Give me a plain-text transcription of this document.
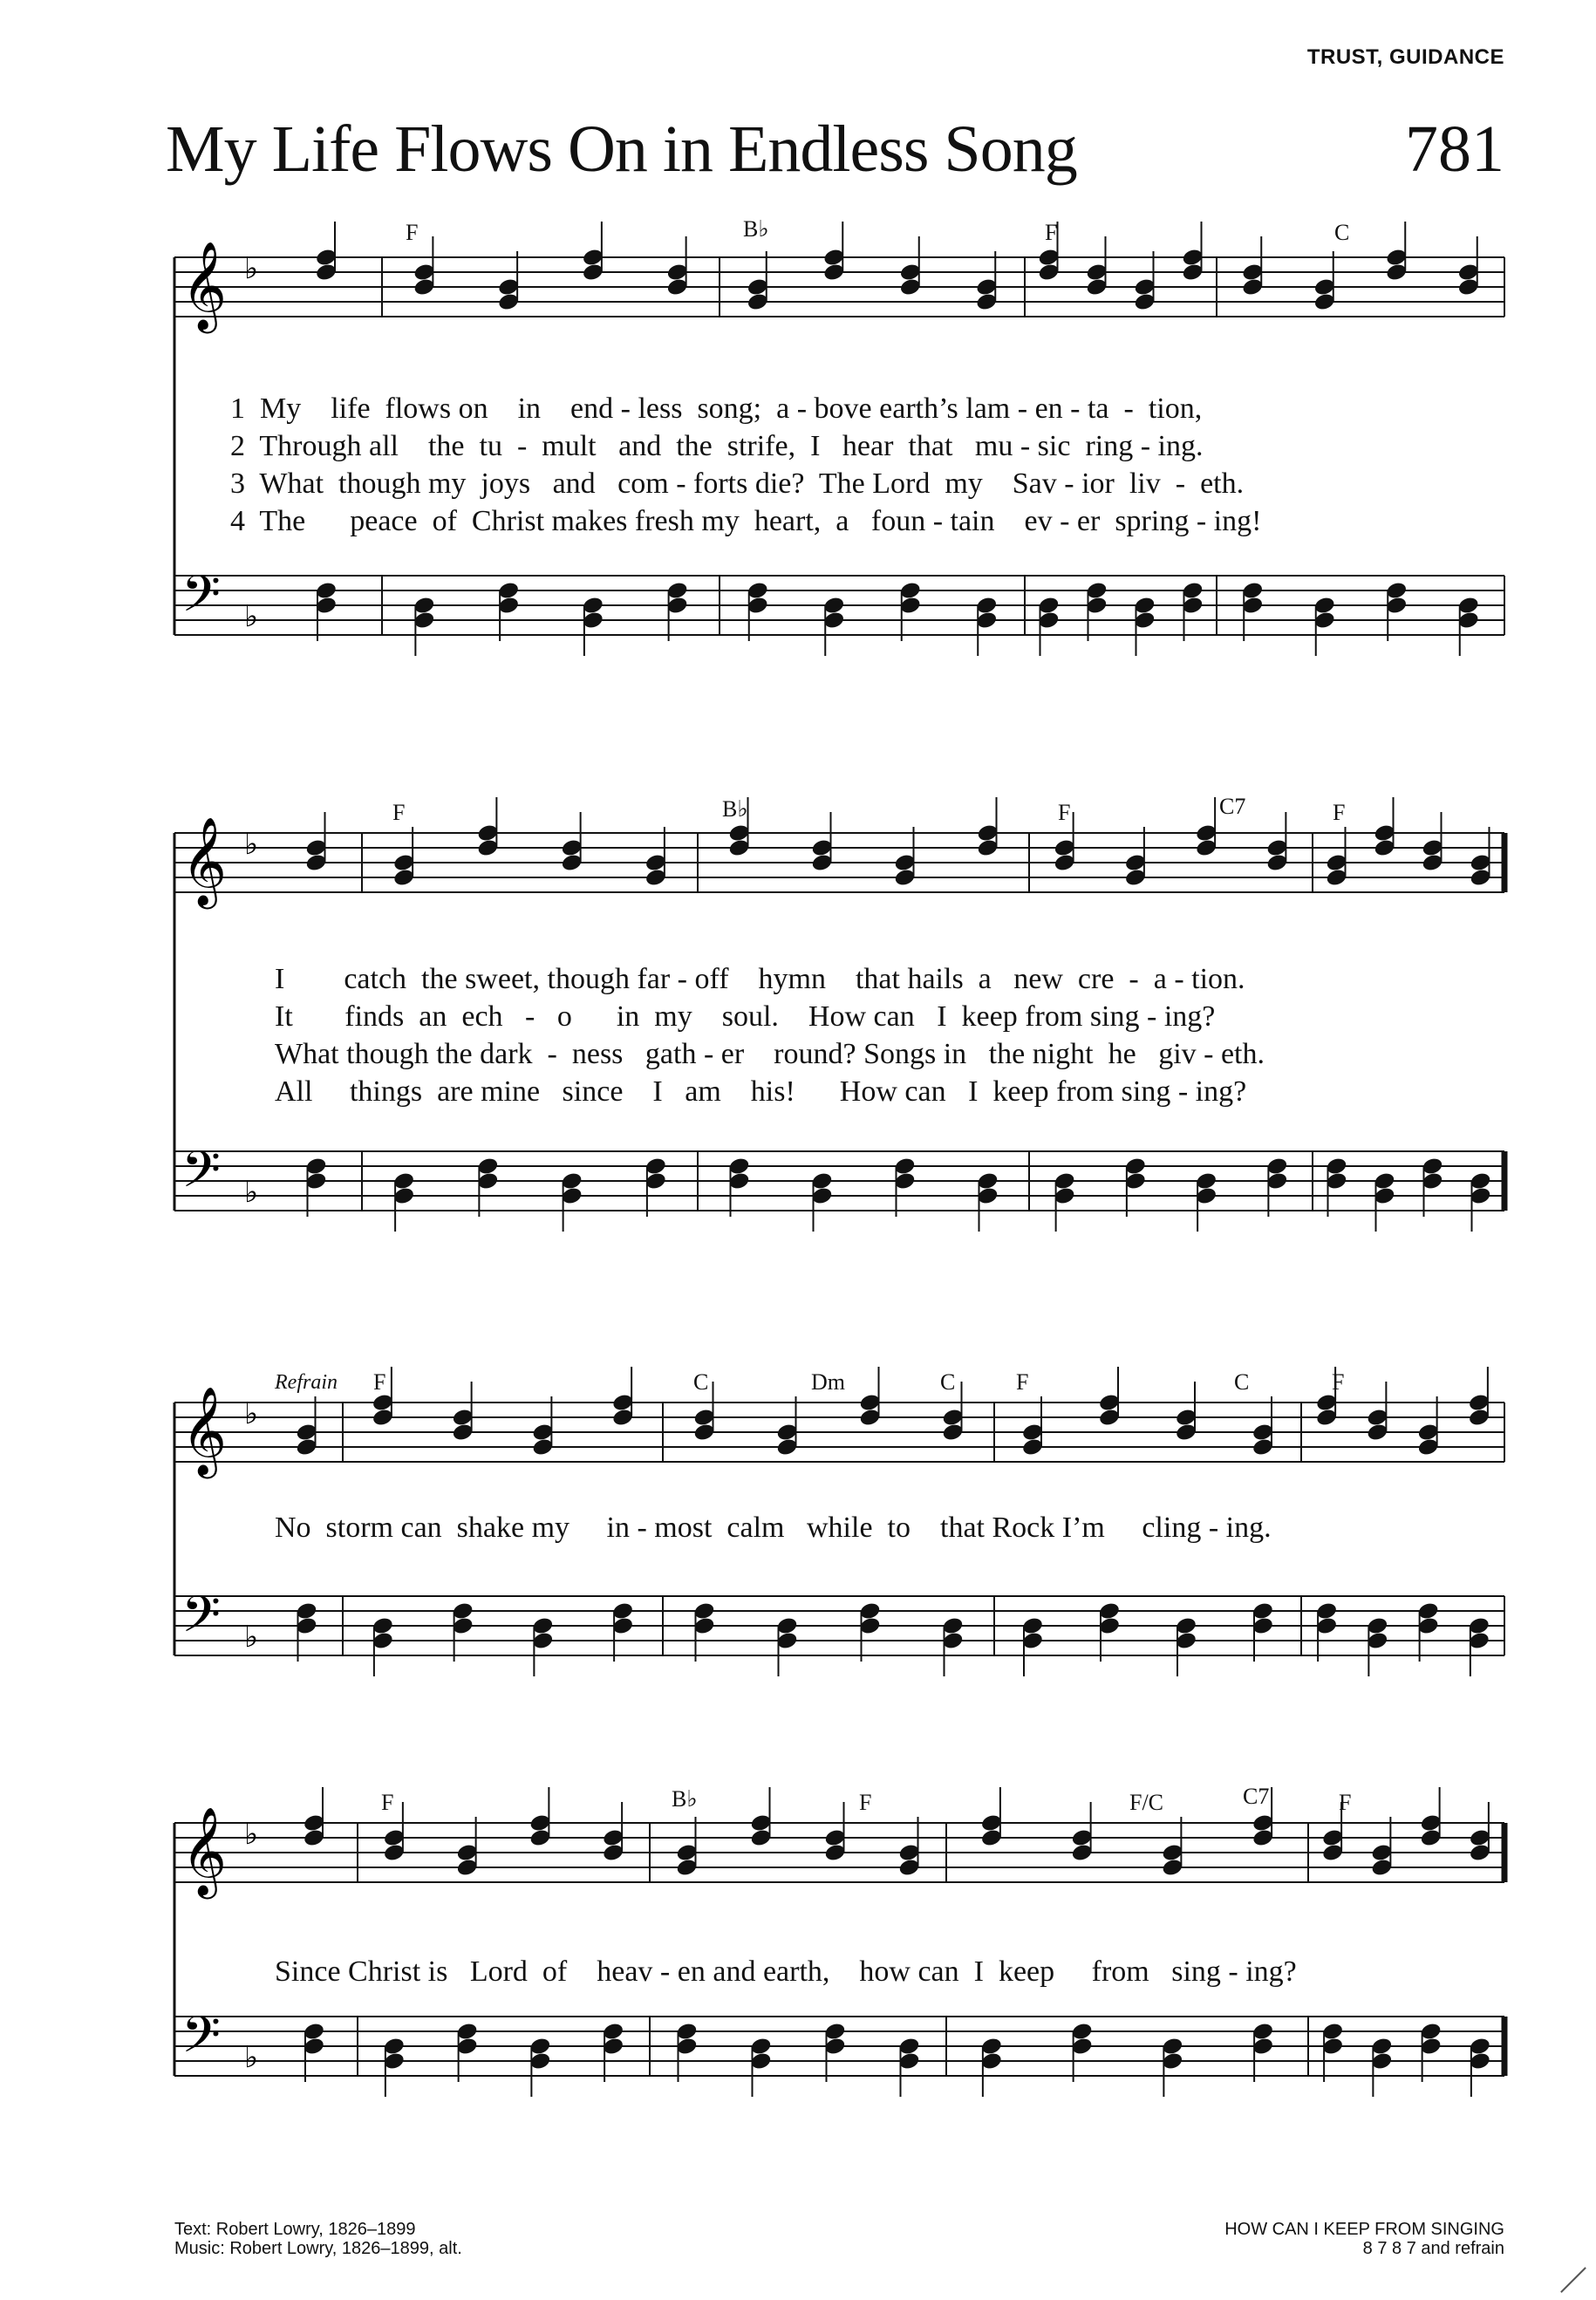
TRUST, GUIDANCE
My Life Flows On in Endless Song	781
𝄞
𝄢
♭
♭
𝄞
𝄢
♭
♭
𝄞
𝄢
♭
♭
𝄞
𝄢
♭
♭
F	B♭	F	C
1  My    life  flows on    in    end - less  song;  a - bove earth’s lam - en - ta  -  tion,
2  Through all    the  tu  -  mult   and  the  strife,  I   hear  that   mu - sic  ring - ing.
3  What  though my  joys   and   com - forts die?  The Lord  my    Sav - ior  liv  -  eth.
4  The      peace  of  Christ makes fresh my  heart,  a   foun - tain    ev - er  spring - ing!
F	B♭	F	C7	F
I        catch  the sweet, though far - off    hymn    that hails  a   new  cre  -  a - tion.
It       finds  an  ech   -   o      in  my    soul.    How can   I  keep from sing - ing?
What though the dark  -  ness   gath - er    round? Songs in   the night  he   giv - eth.
All     things  are mine   since    I   am    his!      How can   I  keep from sing - ing?
Refrain F	C	Dm	C	F	C	F
No  storm can  shake my     in - most  calm   while  to    that Rock I’m     cling - ing.
F	B♭	F	F/C	C7	F
Since Christ is   Lord  of    heav - en and earth,    how can  I  keep     from   sing - ing?
Text: Robert Lowry, 1826–1899
Music: Robert Lowry, 1826–1899, alt.
HOW CAN I KEEP FROM SINGING
8 7 8 7 and refrain
